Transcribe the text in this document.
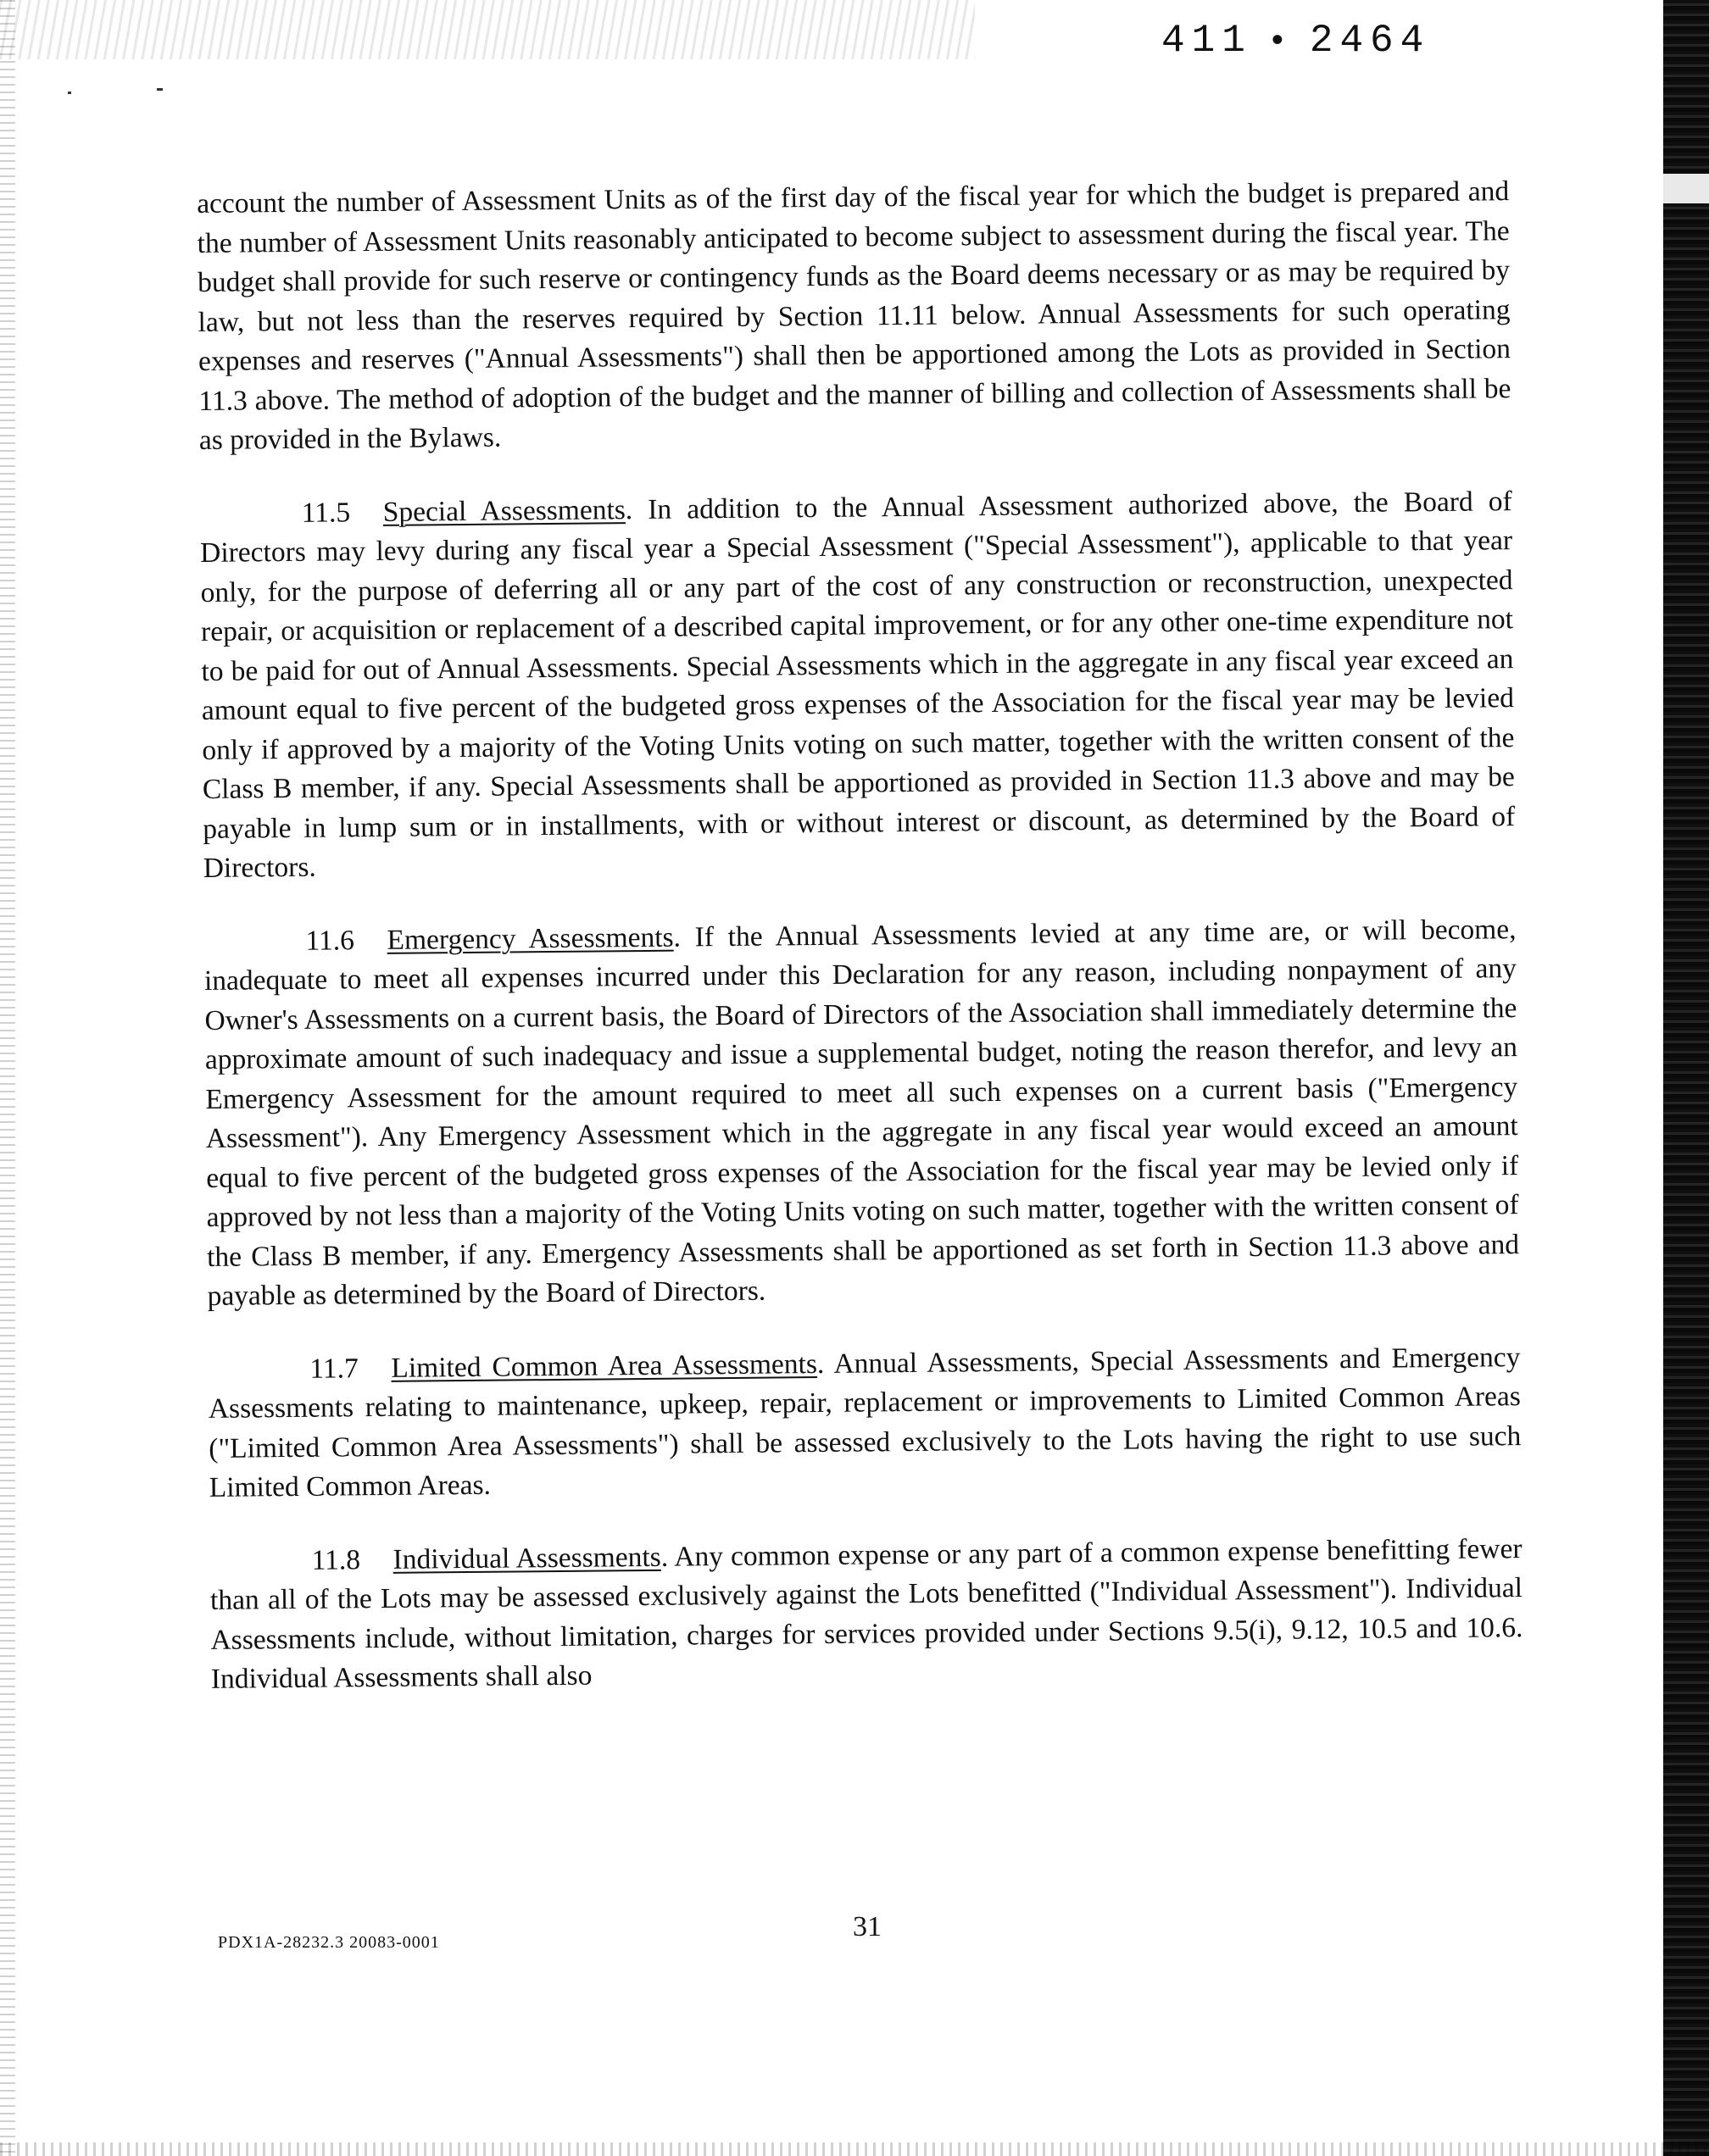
411 • 2464

account the number of Assessment Units as of the first day of the fiscal year for which the budget is prepared and the number of Assessment Units reasonably anticipated to become subject to assessment during the fiscal year. The budget shall provide for such reserve or contingency funds as the Board deems necessary or as may be required by law, but not less than the reserves required by Section 11.11 below. Annual Assessments for such operating expenses and reserves ("Annual Assessments") shall then be apportioned among the Lots as provided in Section 11.3 above. The method of adoption of the budget and the manner of billing and collection of Assessments shall be as provided in the Bylaws.

11.5 Special Assessments. In addition to the Annual Assessment authorized above, the Board of Directors may levy during any fiscal year a Special Assessment ("Special Assessment"), applicable to that year only, for the purpose of deferring all or any part of the cost of any construction or reconstruction, unexpected repair, or acquisition or replacement of a described capital improvement, or for any other one-time expenditure not to be paid for out of Annual Assessments. Special Assessments which in the aggregate in any fiscal year exceed an amount equal to five percent of the budgeted gross expenses of the Association for the fiscal year may be levied only if approved by a majority of the Voting Units voting on such matter, together with the written consent of the Class B member, if any. Special Assessments shall be apportioned as provided in Section 11.3 above and may be payable in lump sum or in installments, with or without interest or discount, as determined by the Board of Directors.

11.6 Emergency Assessments. If the Annual Assessments levied at any time are, or will become, inadequate to meet all expenses incurred under this Declaration for any reason, including nonpayment of any Owner's Assessments on a current basis, the Board of Directors of the Association shall immediately determine the approximate amount of such inadequacy and issue a supplemental budget, noting the reason therefor, and levy an Emergency Assessment for the amount required to meet all such expenses on a current basis ("Emergency Assessment"). Any Emergency Assessment which in the aggregate in any fiscal year would exceed an amount equal to five percent of the budgeted gross expenses of the Association for the fiscal year may be levied only if approved by not less than a majority of the Voting Units voting on such matter, together with the written consent of the Class B member, if any. Emergency Assessments shall be apportioned as set forth in Section 11.3 above and payable as determined by the Board of Directors.

11.7 Limited Common Area Assessments. Annual Assessments, Special Assessments and Emergency Assessments relating to maintenance, upkeep, repair, replacement or improvements to Limited Common Areas ("Limited Common Area Assessments") shall be assessed exclusively to the Lots having the right to use such Limited Common Areas.

11.8 Individual Assessments. Any common expense or any part of a common expense benefitting fewer than all of the Lots may be assessed exclusively against the Lots benefitted ("Individual Assessment"). Individual Assessments include, without limitation, charges for services provided under Sections 9.5(i), 9.12, 10.5 and 10.6. Individual Assessments shall also

PDX1A-28232.3 20083-0001	31
